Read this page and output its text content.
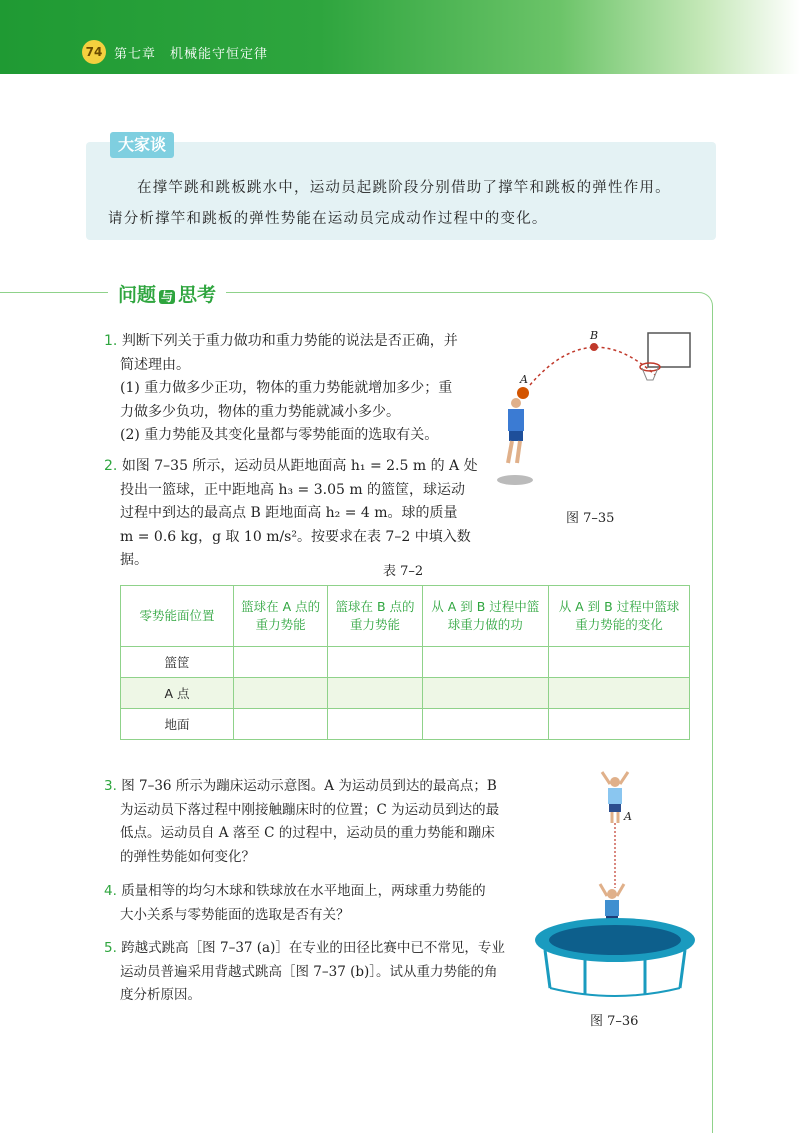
74 第七章　机械能守恒定律
大家谈
在撑竿跳和跳板跳水中，运动员起跳阶段分别借助了撑竿和跳板的弹性作用。
请分析撑竿和跳板的弹性势能在运动员完成动作过程中的变化。
问题 与 思考
1. 判断下列关于重力做功和重力势能的说法是否正确，并
简述理由。
(1) 重力做多少正功，物体的重力势能就增加多少；重
力做多少负功，物体的重力势能就减小多少。
(2) 重力势能及其变化量都与零势能面的选取有关。
2. 如图 7–35 所示，运动员从距地面高 h₁ = 2.5 m 的 A 处
投出一篮球，正中距地高 h₃ = 3.05 m 的篮筐，球运动
过程中到达的最高点 B 距地面高 h₂ = 4 m。球的质量
m = 0.6 kg，g 取 10 m/s²。按要求在表 7–2 中填入数据。
A
B
图 7–35
表 7–2
零势能面位置	篮球在 A 点的重力势能	篮球在 B 点的重力势能	从 A 到 B 过程中篮球重力做的功	从 A 到 B 过程中篮球重力势能的变化
篮筐				
A 点				
地面				
3. 图 7–36 所示为蹦床运动示意图。A 为运动员到达的最高点；B
为运动员下落过程中刚接触蹦床时的位置；C 为运动员到达的最
低点。运动员自 A 落至 C 的过程中，运动员的重力势能和蹦床
的弹性势能如何变化？
4. 质量相等的均匀木球和铁球放在水平地面上，两球重力势能的
大小关系与零势能面的选取是否有关？
5. 跨越式跳高［图 7–37 (a)］在专业的田径比赛中已不常见，专业
运动员普遍采用背越式跳高［图 7–37 (b)］。试从重力势能的角
度分析原因。
A
图 7–36
